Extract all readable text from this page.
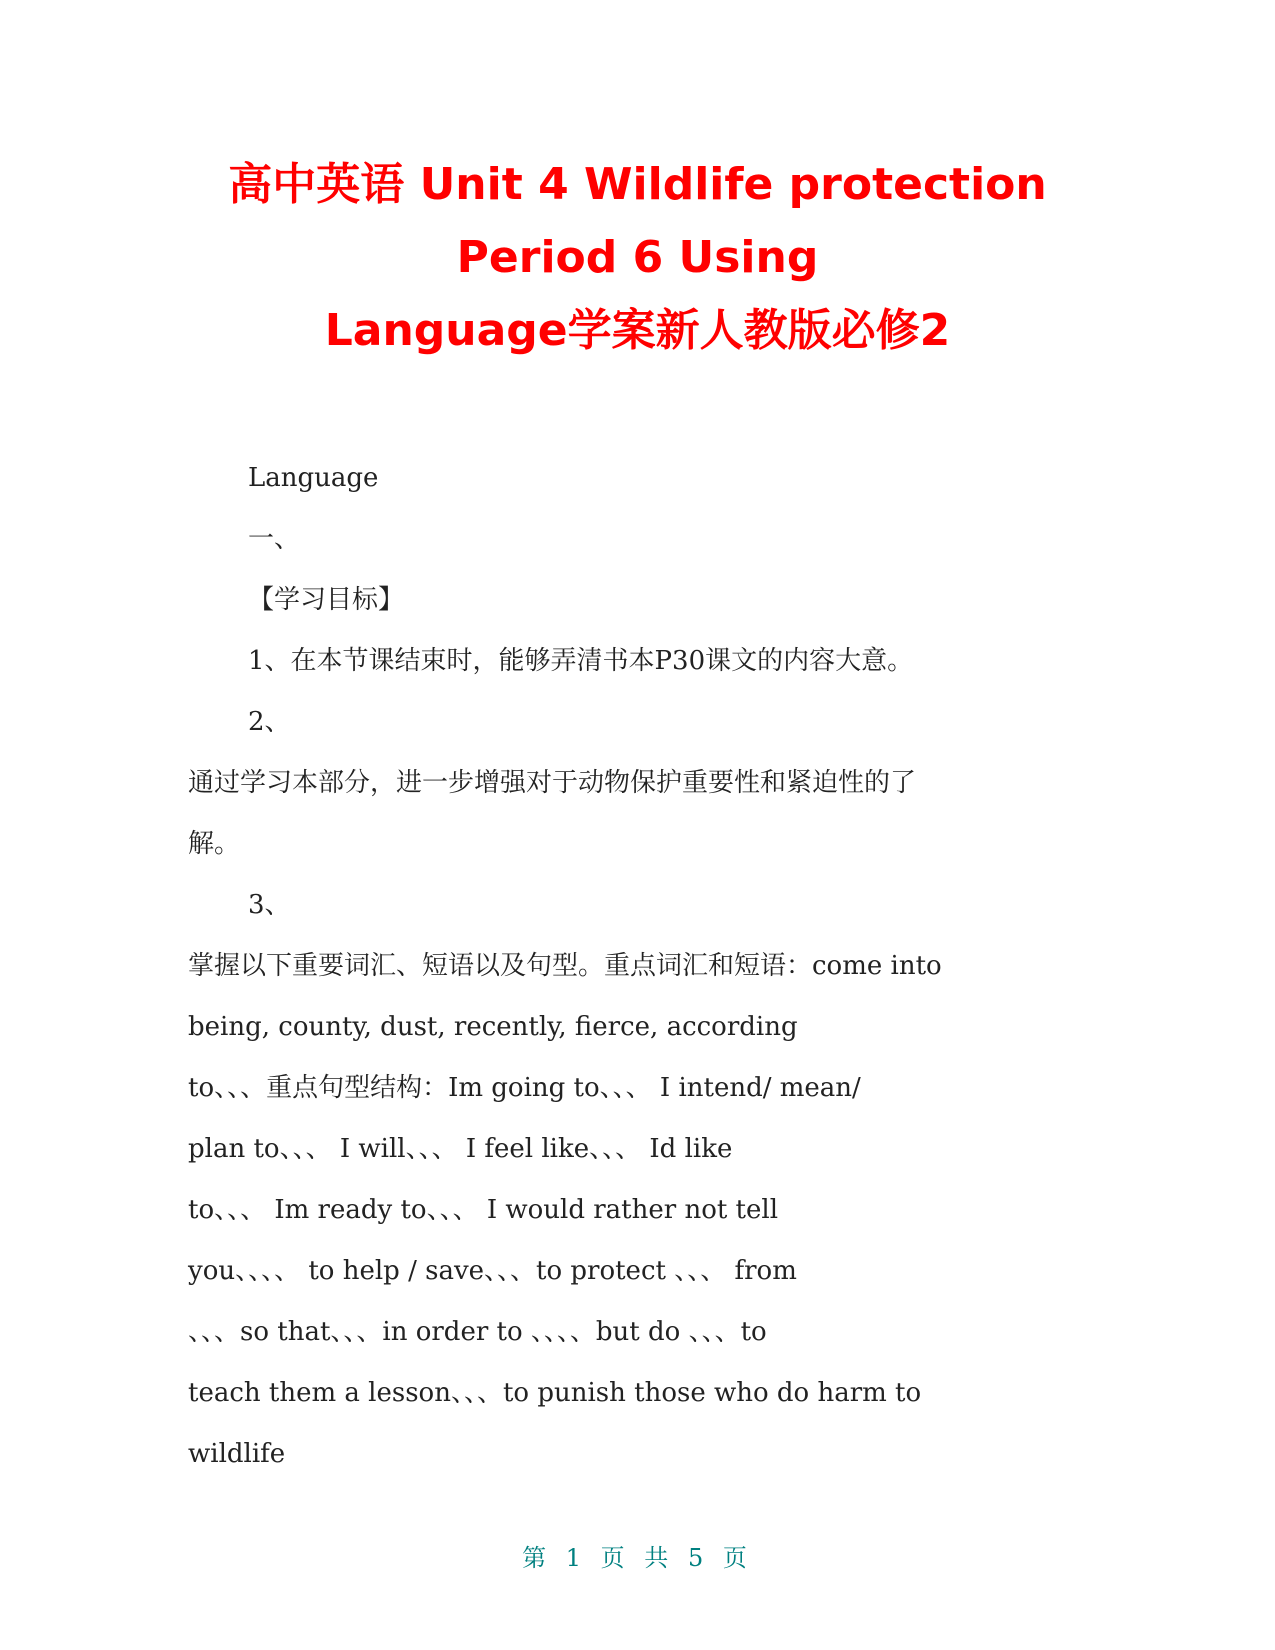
高中英语 Unit 4 Wildlife protection
Period 6 Using
Language学案新人教版必修2
Language
一、
【学习目标】
1、在本节课结束时，能够弄清书本P30课文的内容大意。
2、
通过学习本部分，进一步增强对于动物保护重要性和紧迫性的了
解。
3、
掌握以下重要词汇、短语以及句型。重点词汇和短语：come into
being, county, dust, recently, fierce, according
to、、、重点句型结构：Im going to、、、 I intend/ mean/
plan to、、、 I will、、、 I feel like、、、 Id like
to、、、 Im ready to、、、 I would rather not tell
you、、、、 to help / save、、、to protect 、、、 from
、、、so that、、、in order to 、、、、but do 、、、to
teach them a lesson、、、to punish those who do harm to
wildlife
第 1 页 共 5 页
